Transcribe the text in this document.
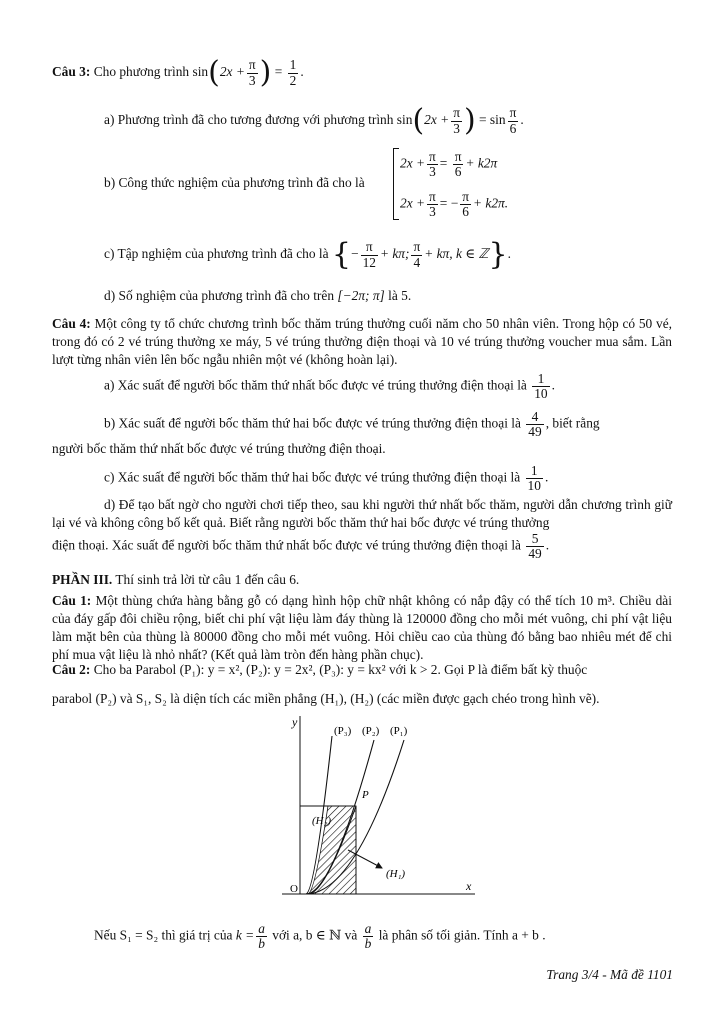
Câu 3: Cho phương trình $\sin(2x + \frac{\pi}{3}$ ) = $\frac{1}{2}$ .
a) Phương trình đã cho tương đương với phương trình $\sin(2x + \frac{\pi}{3}$ ) = $\sin \frac{\pi}{6}$ .
b) Công thức nghiệm của phương trình đã cho là
$2x + \frac{\pi}{3} = \frac{\pi}{6} + k2\pi$
$2x + \frac{\pi}{3}$ = − $\frac{\pi}{6} + k2\pi$.
c) Tập nghiệm của phương trình đã cho là {− $\frac{\pi}{12} + k\pi$; $\frac{\pi}{4} + k\pi$, k ∈ ℤ}.
d) Số nghiệm của phương trình đã cho trên [−2π; π] là 5.
Câu 4: Một công ty tổ chức chương trình bốc thăm trúng thưởng cuối năm cho 50 nhân viên. Trong hộp có 50 vé, trong đó có 2 vé trúng thưởng xe máy, 5 vé trúng thưởng điện thoại và 10 vé trúng thưởng voucher mua sắm. Lần lượt từng nhân viên lên bốc ngẫu nhiên một vé (không hoàn lại).
a) Xác suất để người bốc thăm thứ nhất bốc được vé trúng thưởng điện thoại là $\frac{1}{10}$ .
b) Xác suất để người bốc thăm thứ hai bốc được vé trúng thưởng điện thoại là $\frac{4}{49}$ , biết rằng
người bốc thăm thứ nhất bốc được vé trúng thưởng điện thoại.
c) Xác suất để người bốc thăm thứ hai bốc được vé trúng thưởng điện thoại là $\frac{1}{10}$ .
d) Để tạo bất ngờ cho người chơi tiếp theo, sau khi người thứ nhất bốc thăm, người dẫn chương trình giữ lại vé và không công bố kết quả. Biết rằng người bốc thăm thứ hai bốc được vé trúng thưởng
điện thoại. Xác suất để người bốc thăm thứ nhất bốc được vé trúng thưởng điện thoại là $\frac{5}{49}$ .
PHẦN III. Thí sinh trả lời từ câu 1 đến câu 6.
Câu 1: Một thùng chứa hàng bằng gỗ có dạng hình hộp chữ nhật không có nắp đậy có thể tích 10 m³. Chiều dài của đáy gấp đôi chiều rộng, biết chi phí vật liệu làm đáy thùng là 120000 đồng cho mỗi mét vuông, chi phí vật liệu làm mặt bên của thùng là 80000 đồng cho mỗi mét vuông. Hỏi chiều cao của thùng đó bằng bao nhiêu mét để chi phí mua vật liệu là nhỏ nhất? (Kết quả làm tròn đến hàng phần chục).
Câu 2: Cho ba Parabol (P₁): y = x², (P₂): y = 2x², (P₃): y = kx² với k > 2. Gọi P là điểm bất kỳ thuộc
parabol (P₂) và S₁, S₂ là diện tích các miền phẳng (H₁), (H₂) (các miền được gạch chéo trong hình vẽ).
y
x
O
(P₃) (P₂) (P₁)
P
(H₂)
(H₁)
Nếu S₁ = S₂ thì giá trị của $k = \frac{a}{b}$ với a, b ∈ ℕ và $\frac{a}{b}$ là phân số tối giản. Tính a + b .
Trang 3/4 - Mã đề 1101
